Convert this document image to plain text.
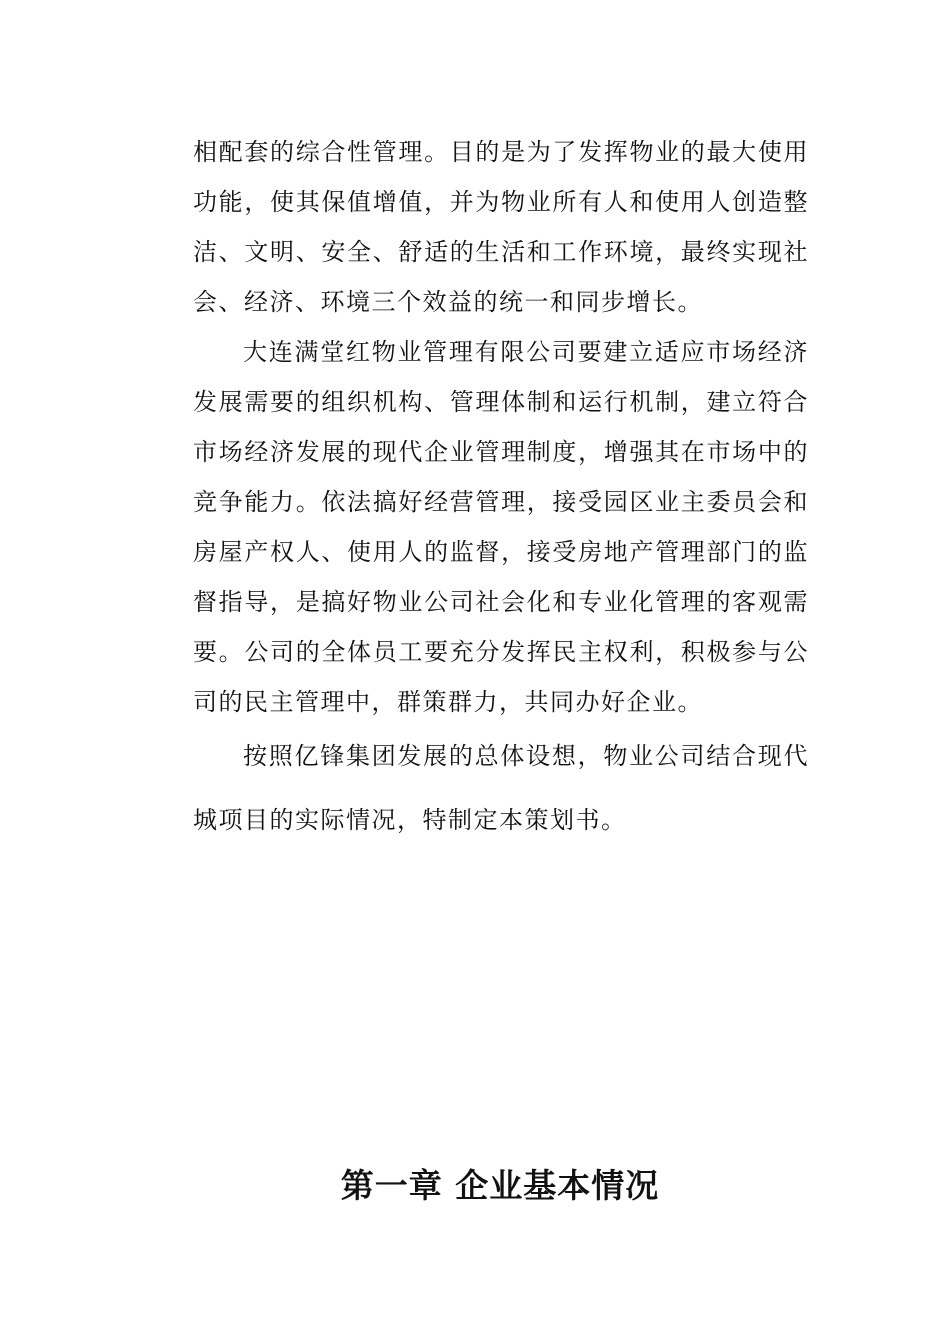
相配套的综合性管理。目的是为了发挥物业的最大使用功能，使其保值增值，并为物业所有人和使用人创造整洁、文明、安全、舒适的生活和工作环境，最终实现社会、经济、环境三个效益的统一和同步增长。

大连满堂红物业管理有限公司要建立适应市场经济发展需要的组织机构、管理体制和运行机制，建立符合市场经济发展的现代企业管理制度，增强其在市场中的竞争能力。依法搞好经营管理，接受园区业主委员会和房屋产权人、使用人的监督，接受房地产管理部门的监督指导，是搞好物业公司社会化和专业化管理的客观需要。公司的全体员工要充分发挥民主权利，积极参与公司的民主管理中，群策群力，共同办好企业。

按照亿锋集团发展的总体设想，物业公司结合现代城项目的实际情况，特制定本策划书。

第一章 企业基本情况
